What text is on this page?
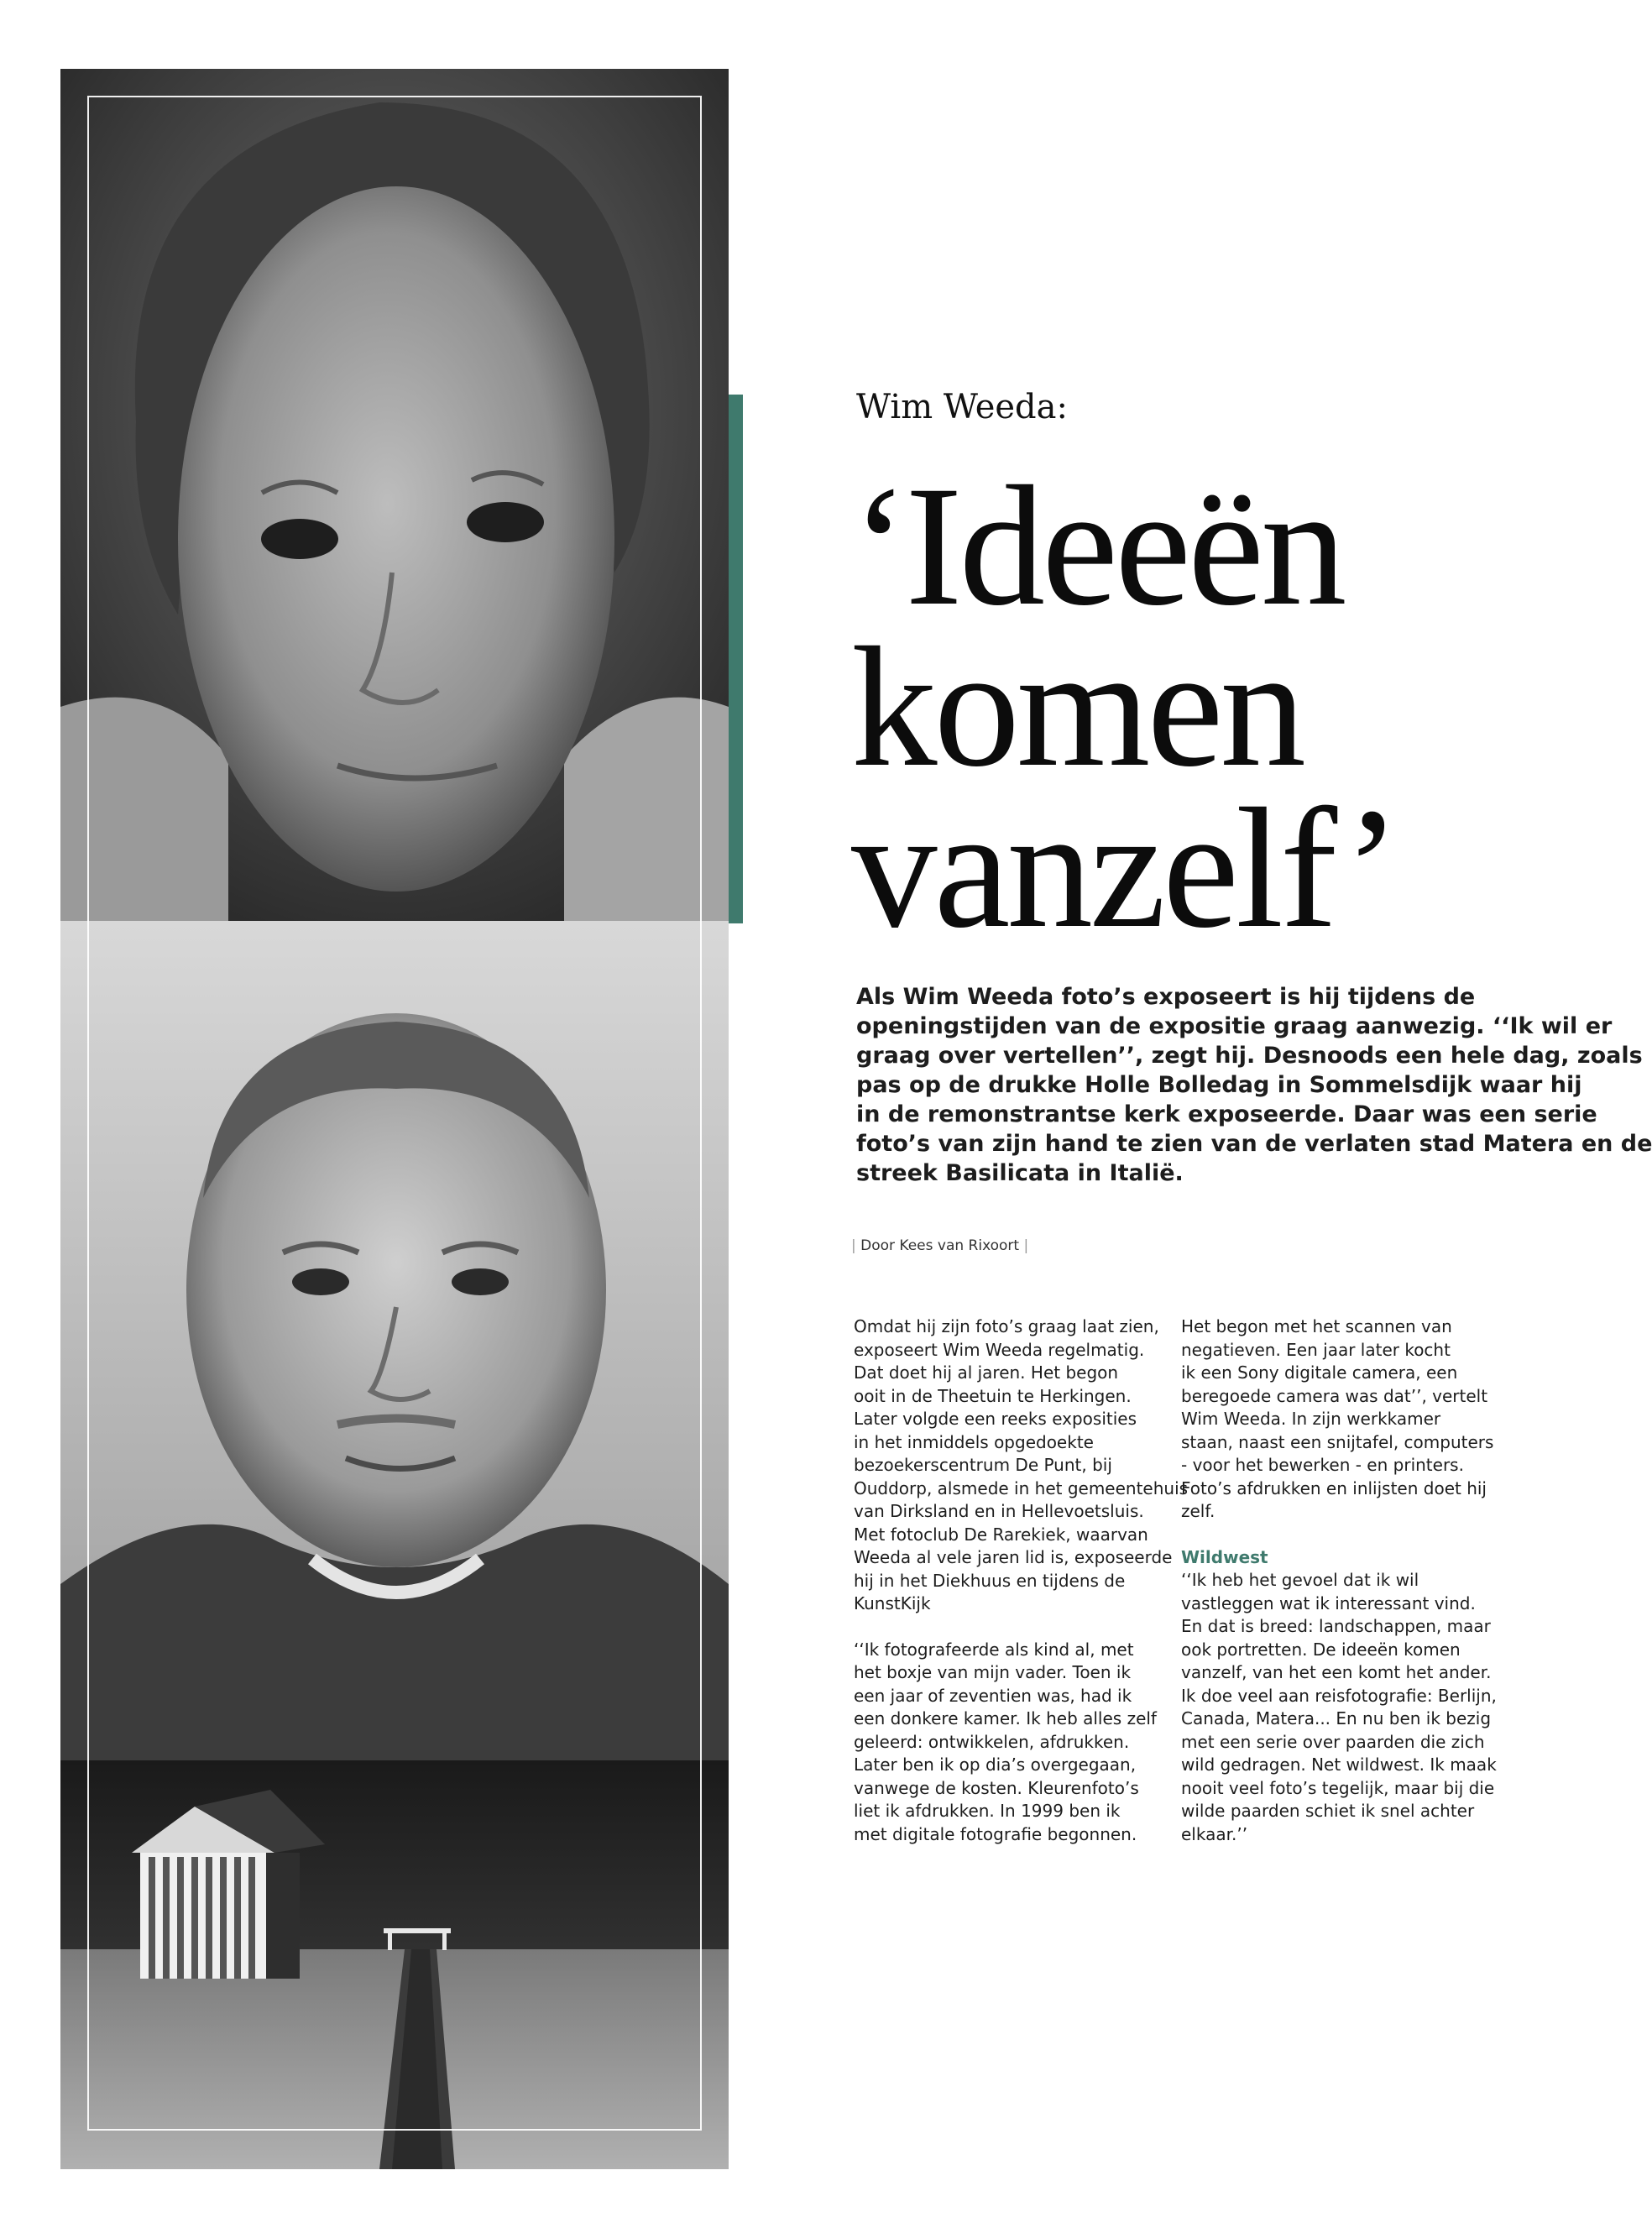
Wim Weeda:
‘Ideeën
komen
vanzelf’

Als Wim Weeda foto’s exposeert is hij tijdens de
openingstijden van de expositie graag aanwezig. ‘‘Ik wil er
graag over vertellen’’, zegt hij. Desnoods een hele dag, zoals
pas op de drukke Holle Bolledag in Sommelsdijk waar hij
in de remonstrantse kerk exposeerde. Daar was een serie
foto’s van zijn hand te zien van de verlaten stad Matera en de
streek Basilicata in Italië.

| Door Kees van Rixoort |

Omdat hij zijn foto’s graag laat zien,
exposeert Wim Weeda regelmatig.
Dat doet hij al jaren. Het begon
ooit in de Theetuin te Herkingen.
Later volgde een reeks exposities
in het inmiddels opgedoekte
bezoekerscentrum De Punt, bij
Ouddorp, alsmede in het gemeentehuis
van Dirksland en in Hellevoetsluis.
Met fotoclub De Rarekiek, waarvan
Weeda al vele jaren lid is, exposeerde
hij in het Diekhuus en tijdens de
KunstKijk

‘‘Ik fotografeerde als kind al, met
het boxje van mijn vader. Toen ik
een jaar of zeventien was, had ik
een donkere kamer. Ik heb alles zelf
geleerd: ontwikkelen, afdrukken.
Later ben ik op dia’s overgegaan,
vanwege de kosten. Kleurenfoto’s
liet ik afdrukken. In 1999 ben ik
met digitale fotografie begonnen.

Het begon met het scannen van
negatieven. Een jaar later kocht
ik een Sony digitale camera, een
beregoede camera was dat’’, vertelt
Wim Weeda. In zijn werkkamer
staan, naast een snijtafel, computers
- voor het bewerken - en printers.
Foto’s afdrukken en inlijsten doet hij
zelf.

Wildwest
‘‘Ik heb het gevoel dat ik wil
vastleggen wat ik interessant vind.
En dat is breed: landschappen, maar
ook portretten. De ideeën komen
vanzelf, van het een komt het ander.
Ik doe veel aan reisfotografie: Berlijn,
Canada, Matera... En nu ben ik bezig
met een serie over paarden die zich
wild gedragen. Net wildwest. Ik maak
nooit veel foto’s tegelijk, maar bij die
wilde paarden schiet ik snel achter
elkaar.’’
